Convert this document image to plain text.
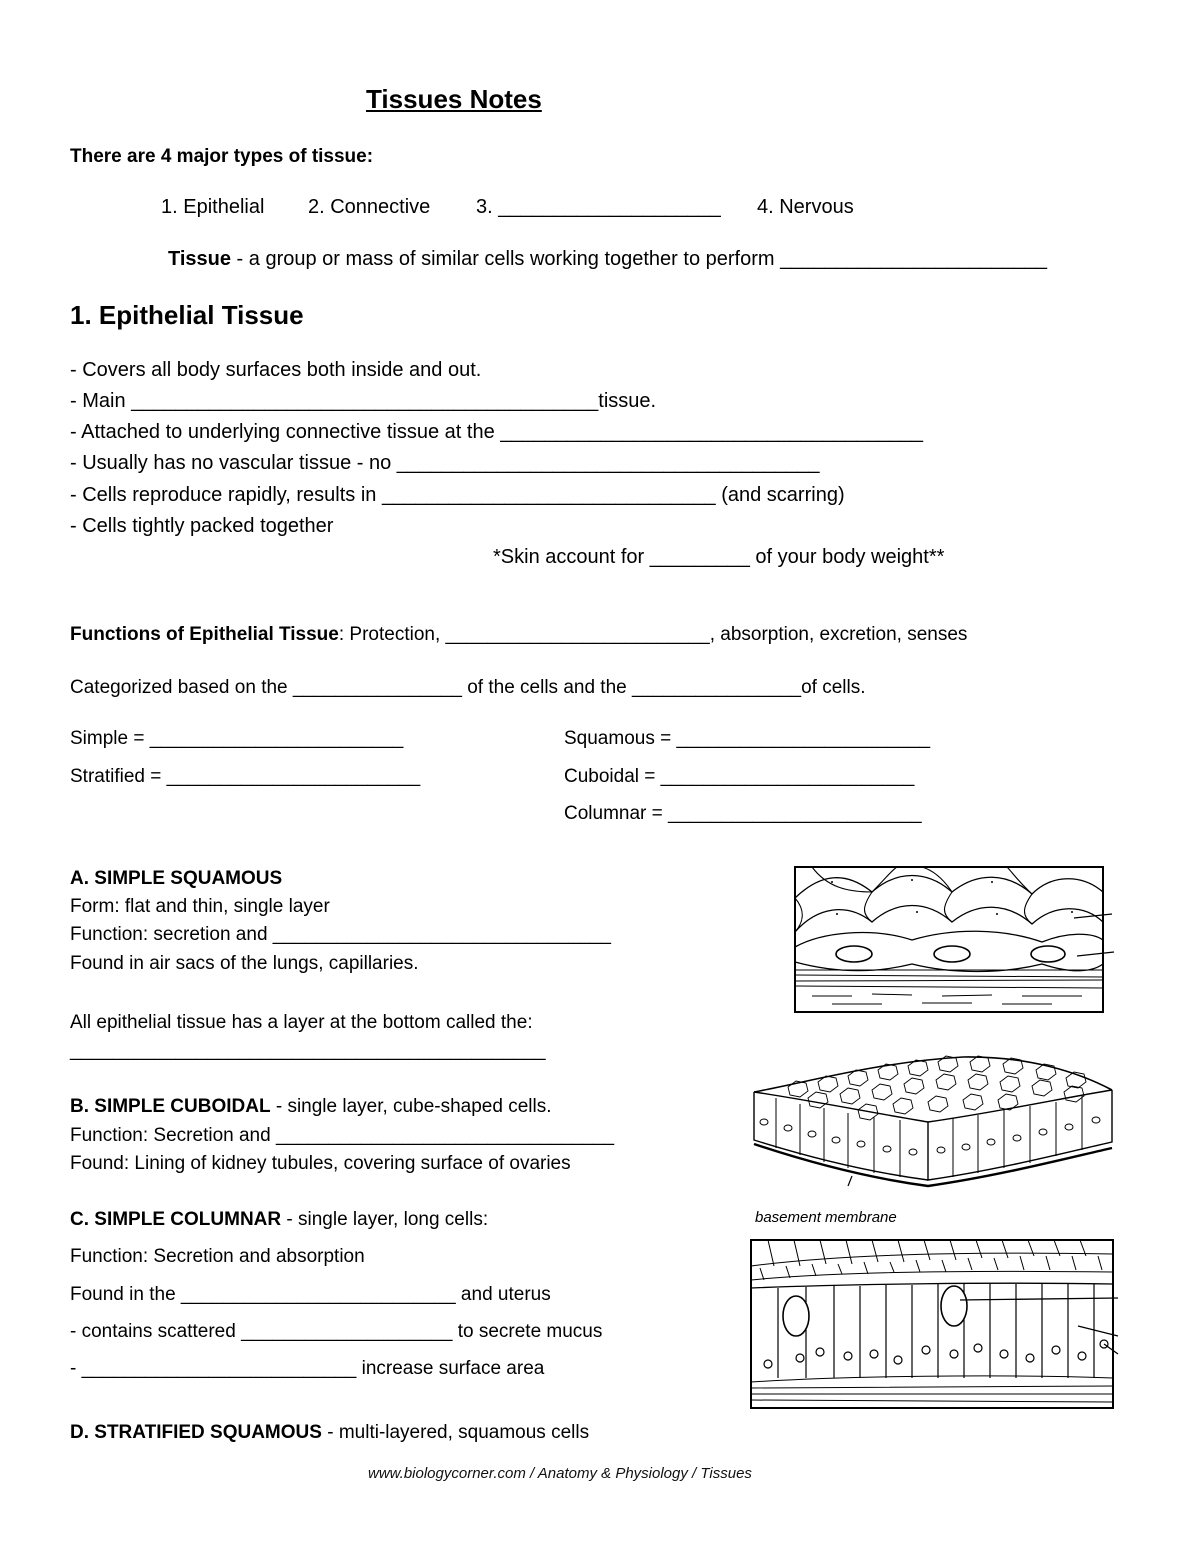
Tissues Notes
There are 4 major types of tissue:
1. Epithelial 2. Connective 3. ____________________ 4. Nervous
Tissue - a group or mass of similar cells working together to perform ________________________
1. Epithelial Tissue
- Covers all body surfaces both inside and out.
- Main __________________________________________tissue.
- Attached to underlying connective tissue at the ______________________________________
- Usually has no vascular tissue - no ______________________________________
- Cells reproduce rapidly, results in ______________________________ (and scarring)
- Cells tightly packed together
*Skin account for _________ of your body weight**
Functions of Epithelial Tissue: Protection, _________________________, absorption, excretion, senses
Categorized based on the ________________ of the cells and the ________________of cells.
Simple = ________________________
Stratified = ________________________
Squamous = ________________________
Cuboidal = ________________________
Columnar = ________________________
A. SIMPLE SQUAMOUS
Form: flat and thin, single layer
Function: secretion and ________________________________
Found in air sacs of the lungs, capillaries.
All epithelial tissue has a layer at the bottom called the:
_____________________________________________
B. SIMPLE CUBOIDAL - single layer, cube-shaped cells.
Function: Secretion and ________________________________
Found: Lining of kidney tubules, covering surface of ovaries
C. SIMPLE COLUMNAR - single layer, long cells:
Function: Secretion and absorption
Found in the __________________________ and uterus
- contains scattered ____________________ to secrete mucus
- __________________________ increase surface area
D. STRATIFIED SQUAMOUS - multi-layered, squamous cells
www.biologycorner.com / Anatomy & Physiology / Tissues
basement membrane
